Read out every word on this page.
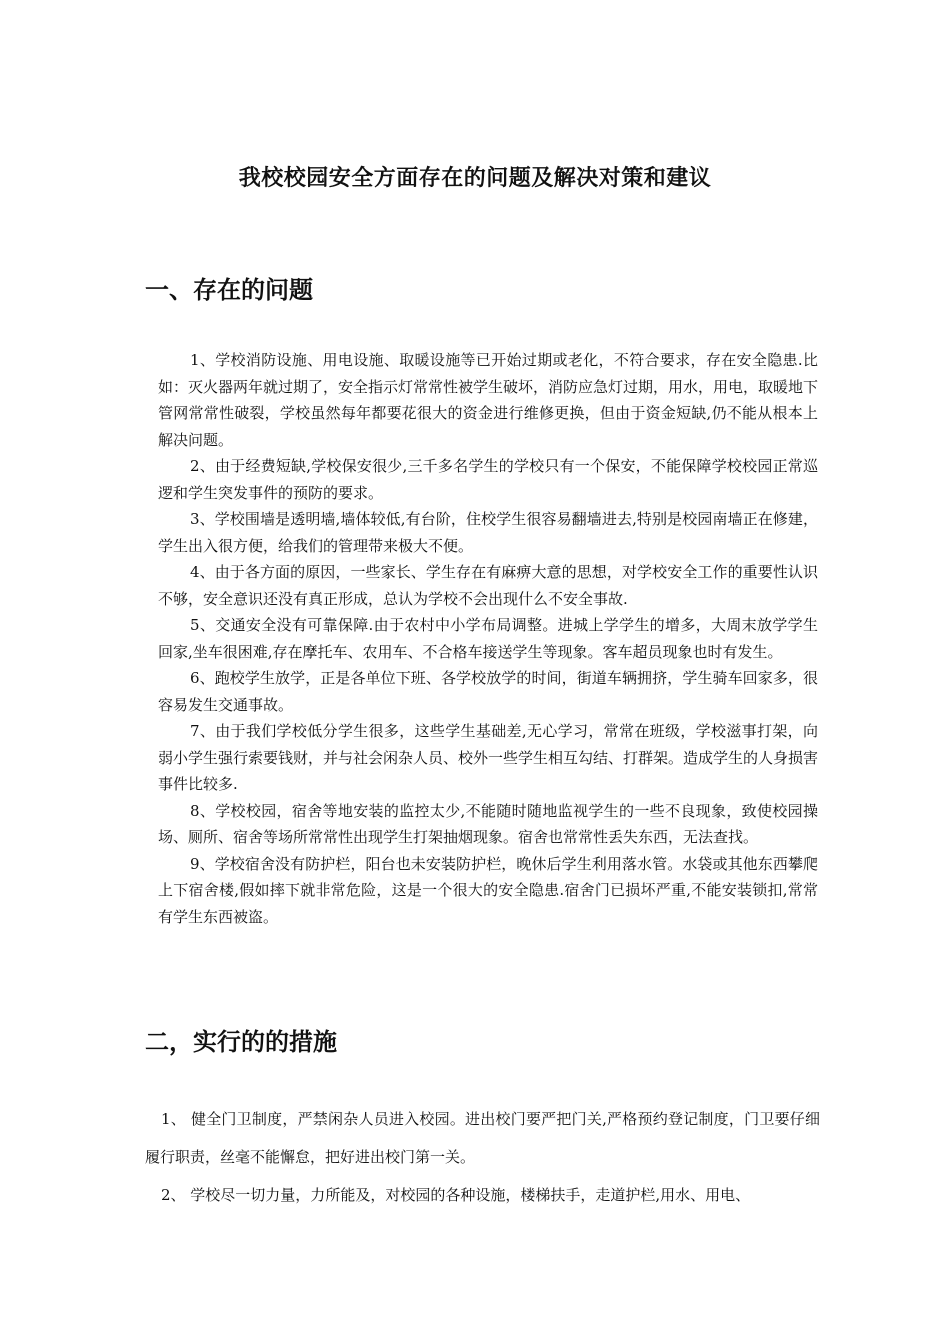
我校校园安全方面存在的问题及解决对策和建议
一、存在的问题

1、学校消防设施、用电设施、取暖设施等已开始过期或老化，不符合要求，存在安全隐患.比如：灭火器两年就过期了，安全指示灯常常性被学生破坏，消防应急灯过期，用水，用电，取暖地下管网常常性破裂，学校虽然每年都要花很大的资金进行维修更换，但由于资金短缺,仍不能从根本上解决问题。

2、由于经费短缺,学校保安很少,三千多名学生的学校只有一个保安，不能保障学校校园正常巡逻和学生突发事件的预防的要求。

3、学校围墙是透明墙,墙体较低,有台阶，住校学生很容易翻墙进去,特别是校园南墙正在修建，学生出入很方便，给我们的管理带来极大不便。

4、由于各方面的原因，一些家长、学生存在有麻痹大意的思想，对学校安全工作的重要性认识不够，安全意识还没有真正形成，总认为学校不会出现什么不安全事故.

5、交通安全没有可靠保障.由于农村中小学布局调整。进城上学学生的增多，大周末放学学生回家,坐车很困难,存在摩托车、农用车、不合格车接送学生等现象。客车超员现象也时有发生。

6、跑校学生放学，正是各单位下班、各学校放学的时间，街道车辆拥挤，学生骑车回家多，很容易发生交通事故。

7、由于我们学校低分学生很多，这些学生基础差,无心学习，常常在班级，学校滋事打架，向弱小学生强行索要钱财，并与社会闲杂人员、校外一些学生相互勾结、打群架。造成学生的人身损害事件比较多.

8、学校校园，宿舍等地安装的监控太少,不能随时随地监视学生的一些不良现象，致使校园操场、厕所、宿舍等场所常常性出现学生打架抽烟现象。宿舍也常常性丢失东西，无法查找。

9、学校宿舍没有防护栏，阳台也未安装防护栏，晚休后学生利用落水管。水袋或其他东西攀爬上下宿舍楼,假如摔下就非常危险，这是一个很大的安全隐患.宿舍门已损坏严重,不能安装锁扣,常常有学生东西被盗。

二，实行的的措施

1、 健全门卫制度，严禁闲杂人员进入校园。进出校门要严把门关,严格预约登记制度，门卫要仔细履行职责，丝毫不能懈怠，把好进出校门第一关。

2、 学校尽一切力量，力所能及，对校园的各种设施，楼梯扶手，走道护栏,用水、用电、
